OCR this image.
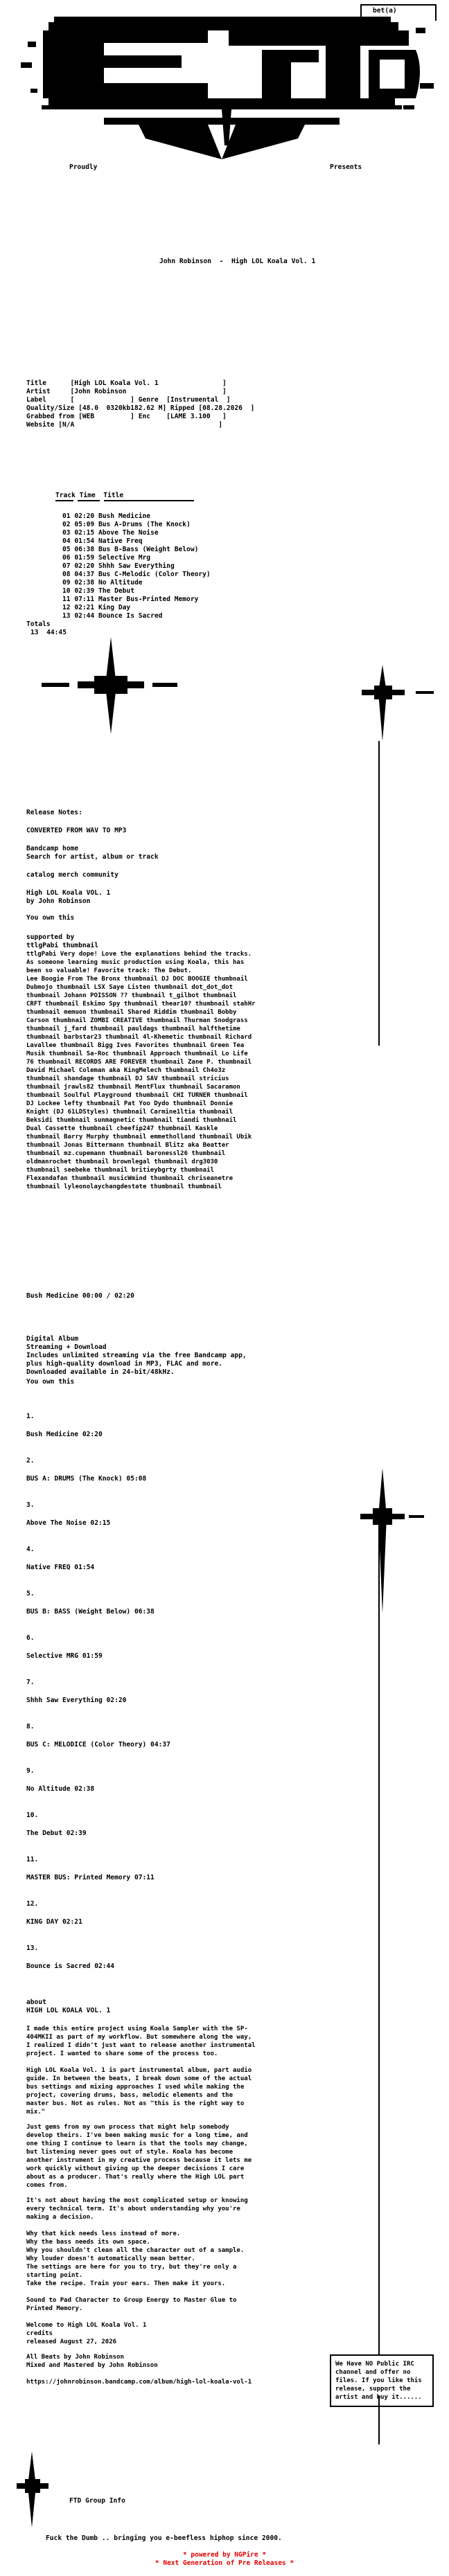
bet(a)
Proudly	Presents
John Robinson  -  High LOL Koala Vol. 1
Title      [High LOL Koala Vol. 1                ]
Artist     [John Robinson                        ]
Label      [              ] Genre  [Instrumental  ]
Quality/Size [48.0  0320kb182.62 M] Ripped [08.28.2026  ]
Grabbed from [WEB         ] Enc    [LAME 3.100   ]
Website [N/A                                    ]
Track Time  Title
01 02:20 Bush Medicine
02 05:09 Bus A-Drums (The Knock)
03 02:15 Above The Noise
04 01:54 Native Freq
05 06:38 Bus B-Bass (Weight Below)
06 01:59 Selective Mrg
07 02:20 Shhh Saw Everything
08 04:37 Bus C-Melodic (Color Theory)
09 02:38 No Altitude
10 02:39 The Debut
11 07:11 Master Bus-Printed Memory
12 02:21 King Day
13 02:44 Bounce Is Sacred
Totals
13  44:45
Release Notes:
CONVERTED FROM WAV TO MP3
Bandcamp home
Search for artist, album or track
catalog merch community
High LOL Koala VOL. 1
by John Robinson
You own this
supported by
ttlgPabi thumbnail
ttlgPabi Very dope! Love the explanations behind the tracks.
As someone learning music production using Koala, this has
been so valuable! Favorite track: The Debut.
Lee Boogie From The Bronx thumbnail DJ DOC BOOGIE thumbnail
Dubmojo thumbnail LSX Saye Listen thumbnail dot_dot_dot
thumbnail Johann POISSON ?? thumbnail t_gilbot thumbnail
CRFT thumbnail Eskimo Spy thumbnail thear10? thumbnail stahHr
thumbnail memuon thumbnail Shared Riddim thumbnail Bobby
Carson thumbnail ZOMBI CREATIVE thumbnail Thurman Snodgrass
thumbnail j_fard thumbnail pauldags thumbnail halfthetime
thumbnail barbstar23 thumbnail 4l-Khemetic thumbnail Richard
Lavallee thumbnail Bigg Ives Favorites thumbnail Green Tea
Musik thumbnail Sa-Roc thumbnail Approach thumbnail Lo Life
76 thumbnail RECORDS ARE FOREVER thumbnail Zane P. thumbnail
David Michael Coleman aka KingMelech thumbnail Ch4o3z
thumbnail shandage thumbnail DJ SAV thumbnail stricius
thumbnail jrawls82 thumbnail MentFlux thumbnail Sacaramon
thumbnail Soulful Playground thumbnail CHI TURNER thumbnail
DJ Lockee lefty thumbnail Pat Yoo Dydo thumbnail Donnie
Knight (DJ 61LDStyles) thumbnail Carmine1ltia thumbnail
Beksidi thumbnail sunmagnetic thumbnail tiandi thumbnail
Dual Cassette thumbnail cheefip247 thumbnail Kaskle
thumbnail Barry Murphy thumbnail emmetholland thumbnail Ubik
thumbnail Jonas Bittermann thumbnail Blitz aka Beatter
thumbnail mz.cupemann thumbnail baronessl26 thumbnail
oldmanrochet thumbnail brownlegal thumbnail drg3030
thumbnail seebeke thumbnail britieybgrty thumbnail
Flexandafan thumbnail musicWmind thumbnail chriseanetre
thumbnail lyleonolaychangdestate thumbnail thumbnail
Bush Medicine 00:00 / 02:20
Digital Album
Streaming + Download
Includes unlimited streaming via the free Bandcamp app,
plus high-quality download in MP3, FLAC and more.
Downloaded available in 24-bit/48kHz.
You own this
1.
Bush Medicine 02:20
2.
BUS A: DRUMS (The Knock) 05:08
3.
Above The Noise 02:15
4.
Native FREQ 01:54
5.
BUS B: BASS (Weight Below) 06:38
6.
Selective MRG 01:59
7.
Shhh Saw Everything 02:20
8.
BUS C: MELODICE (Color Theory) 04:37
9.
No Altitude 02:38
10.
The Debut 02:39
11.
MASTER BUS: Printed Memory 07:11
12.
KING DAY 02:21
13.
Bounce is Sacred 02:44
about
HIGH LOL KOALA VOL. 1
I made this entire project using Koala Sampler with the SP-
404MKII as part of my workflow. But somewhere along the way,
I realized I didn't just want to release another instrumental
project. I wanted to share some of the process too.
High LOL Koala Vol. 1 is part instrumental album, part audio
guide. In between the beats, I break down some of the actual
bus settings and mixing approaches I used while making the
project, covering drums, bass, melodic elements and the
master bus. Not as rules. Not as "this is the right way to
mix."
Just gems from my own process that might help somebody
develop theirs. I've been making music for a long time, and
one thing I continue to learn is that the tools may change,
but listening never goes out of style. Koala has become
another instrument in my creative process because it lets me
work quickly without giving up the deeper decisions I care
about as a producer. That's really where the High LOL part
comes from.
It's not about having the most complicated setup or knowing
every technical term. It's about understanding why you're
making a decision.
Why that kick needs less instead of more.
Why the bass needs its own space.
Why you shouldn't clean all the character out of a sample.
Why louder doesn't automatically mean better.
The settings are here for you to try, but they're only a
starting point.
Take the recipe. Train your ears. Then make it yours.
Sound to Pad Character to Group Energy to Master Glue to
Printed Memory.
Welcome to High LOL Koala Vol. 1
credits
released August 27, 2026
All Beats by John Robinson
Mixed and Mastered by John Robinson
https://johnrobinson.bandcamp.com/album/high-lol-koala-vol-1
We Have NO Public IRC
channel and offer no
files. If you like this
release, support the
artist and buy it......
FTD Group Info
Fuck the Dumb .. bringing you e-beefless hiphop since 2000.
* powered by NGPire *
* Next Generation of Pre Releases *
